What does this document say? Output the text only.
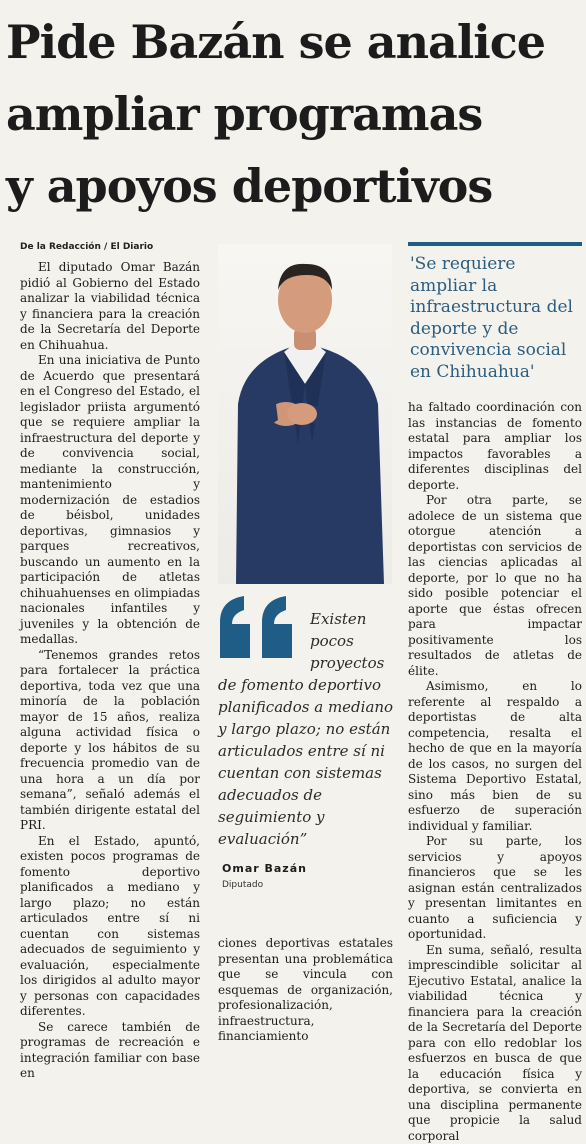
Pide Bazán se analice
ampliar programas
y apoyos deportivos
De la Redacción / El Diario

El diputado Omar Bazán pidió al Gobierno del Estado analizar la viabilidad técnica y financiera para la creación de la Secretaría del Deporte en Chihuahua.

En una iniciativa de Punto de Acuerdo que presentará en el Congreso del Estado, el legislador priista argumentó que se requiere ampliar la infraestructura del deporte y de convivencia social, mediante la construcción, mantenimiento y modernización de estadios de béisbol, unidades deportivas, gimnasios y parques recreativos, buscando un aumento en la participación de atletas chihuahuenses en olimpiadas nacionales infantiles y juveniles y la obtención de medallas.

“Tenemos grandes retos para fortalecer la práctica deportiva, toda vez que una minoría de la población mayor de 15 años, realiza alguna actividad física o deporte y los hábitos de su frecuencia promedio van de una hora a un día por semana”, señaló además el también dirigente estatal del PRI.

En el Estado, apuntó, existen pocos programas de fomento deportivo planificados a mediano y largo plazo; no están articulados entre sí ni cuentan con sistemas adecuados de seguimiento y evaluación, especialmente los dirigidos al adulto mayor y personas con capacidades diferentes.

Se carece también de programas de recreación e integración familiar con base en

Existen pocos proyectos
de fomento deportivo planificados a mediano y largo plazo; no están articulados entre sí ni cuentan con sistemas adecuados de seguimiento y evaluación”
Omar Bazán
Diputado

ciones deportivas estatales presentan una problemática que se vincula con esquemas de organización, profesionalización, infraestructura, financiamiento

'Se requiere ampliar la infraestructura del deporte y de convivencia social en Chihuahua'

ha faltado coordinación con las instancias de fomento estatal para ampliar los impactos favorables a diferentes disciplinas del deporte.

Por otra parte, se adolece de un sistema que otorgue atención a deportistas con servicios de las ciencias aplicadas al deporte, por lo que no ha sido posible potenciar el aporte que éstas ofrecen para impactar positivamente los resultados de atletas de élite.

Asimismo, en lo referente al respaldo a deportistas de alta competencia, resalta el hecho de que en la mayoría de los casos, no surgen del Sistema Deportivo Estatal, sino más bien de su esfuerzo de superación individual y familiar.

Por su parte, los servicios y apoyos financieros que se les asignan están centralizados y presentan limitantes en cuanto a suficiencia y oportunidad.

En suma, señaló, resulta imprescindible solicitar al Ejecutivo Estatal, analice la viabilidad técnica y financiera para la creación de la Secretaría del Deporte para con ello redoblar los esfuerzos en busca de que la educación física y deportiva, se convierta en una disciplina permanente que propicie la salud corporal
